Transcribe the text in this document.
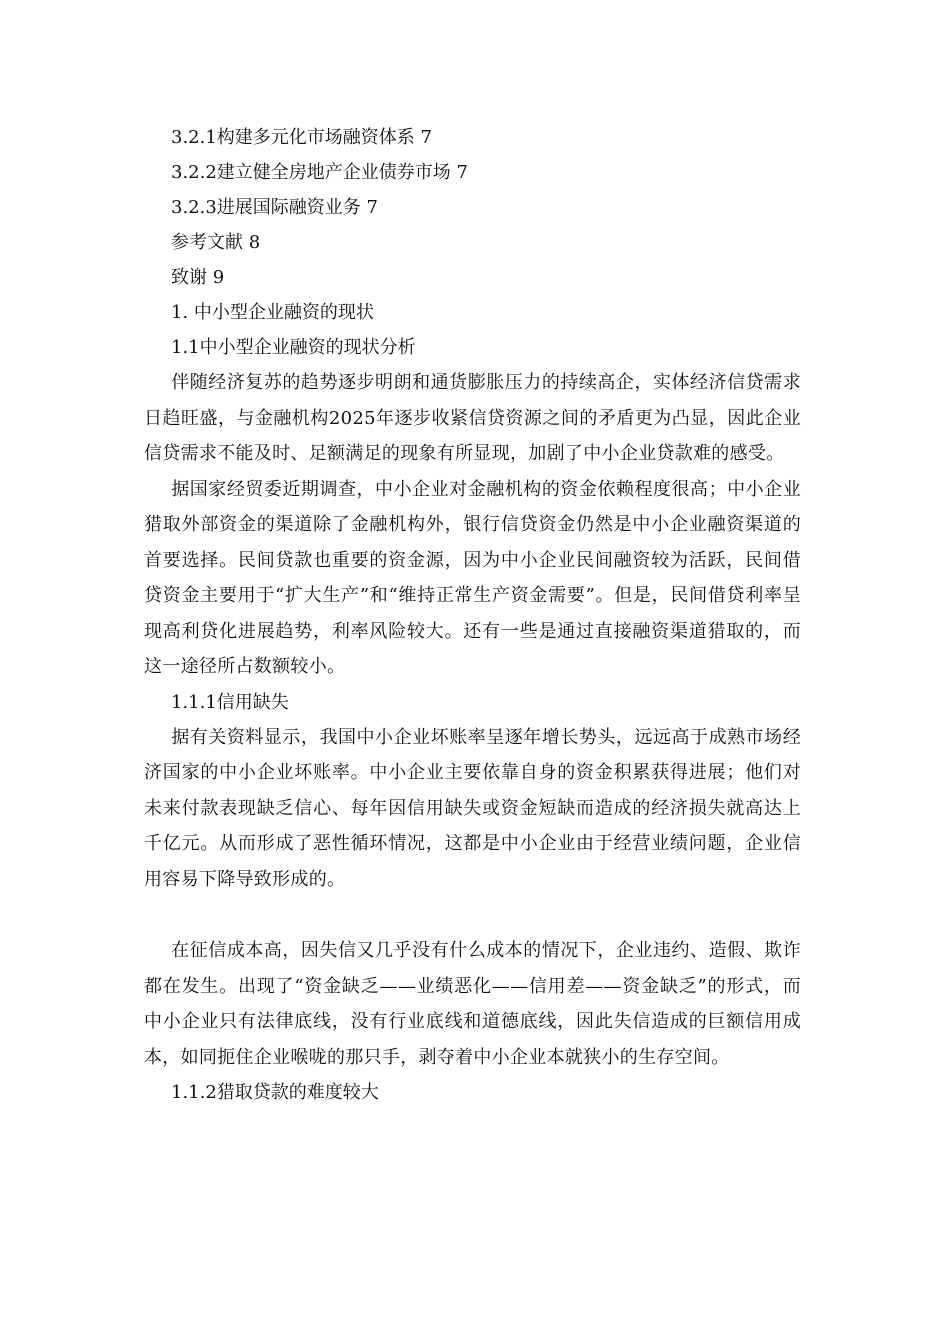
3.2.1构建多元化市场融资体系 7
3.2.2建立健全房地产企业债券市场 7
3.2.3进展国际融资业务 7
参考文献 8
致谢 9
1. 中小型企业融资的现状
1.1中小型企业融资的现状分析

伴随经济复苏的趋势逐步明朗和通货膨胀压力的持续高企，实体经济信贷需求日趋旺盛，与金融机构2025年逐步收紧信贷资源之间的矛盾更为凸显，因此企业信贷需求不能及时、足额满足的现象有所显现，加剧了中小企业贷款难的感受。

据国家经贸委近期调查，中小企业对金融机构的资金依赖程度很高；中小企业猎取外部资金的渠道除了金融机构外，银行信贷资金仍然是中小企业融资渠道的首要选择。民间贷款也重要的资金源，因为中小企业民间融资较为活跃，民间借贷资金主要用于“扩大生产”和“维持正常生产资金需要”。但是，民间借贷利率呈现高利贷化进展趋势，利率风险较大。还有一些是通过直接融资渠道猎取的，而这一途径所占数额较小。

1.1.1信用缺失

据有关资料显示，我国中小企业坏账率呈逐年增长势头，远远高于成熟市场经济国家的中小企业坏账率。中小企业主要依靠自身的资金积累获得进展；他们对未来付款表现缺乏信心、每年因信用缺失或资金短缺而造成的经济损失就高达上千亿元。从而形成了恶性循环情况，这都是中小企业由于经营业绩问题，企业信用容易下降导致形成的。

在征信成本高，因失信又几乎没有什么成本的情况下，企业违约、造假、欺诈都在发生。出现了“资金缺乏——业绩恶化——信用差——资金缺乏”的形式，而中小企业只有法律底线，没有行业底线和道德底线，因此失信造成的巨额信用成本，如同扼住企业喉咙的那只手，剥夺着中小企业本就狭小的生存空间。

1.1.2猎取贷款的难度较大
